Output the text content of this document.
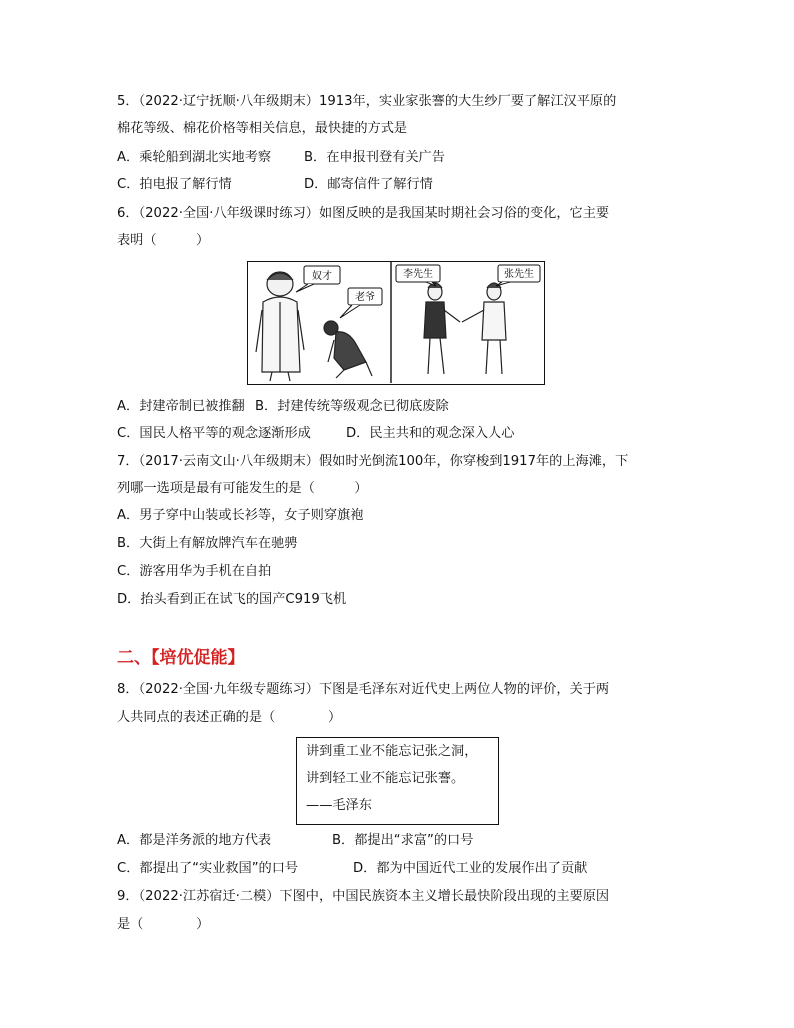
5．（2022·辽宁抚顺·八年级期末）1913年，实业家张謇的大生纱厂要了解江汉平原的
棉花等级、棉花价格等相关信息，最快捷的方式是
A．乘轮船到湖北实地考察 B．在申报刊登有关广告
C．拍电报了解行情	D．邮寄信件了解行情
6．（2022·全国·八年级课时练习）如图反映的是我国某时期社会习俗的变化，它主要
表明（　　　）
奴才
老爷
李先生	张先生
A．封建帝制已被推翻 B．封建传统等级观念已彻底废除
C．国民人格平等的观念逐渐形成	D．民主共和的观念深入人心
7．（2017·云南文山·八年级期末）假如时光倒流100年，你穿梭到1917年的上海滩，下
列哪一选项是最有可能发生的是（　　　）
A．男子穿中山装或长衫等，女子则穿旗袍
B．大街上有解放牌汽车在驰骋
C．游客用华为手机在自拍
D．抬头看到正在试飞的国产C919飞机
二、【培优促能】
8．（2022·全国·九年级专题练习）下图是毛泽东对近代史上两位人物的评价，关于两
人共同点的表述正确的是（　　　　）
讲到重工业不能忘记张之洞，
讲到轻工业不能忘记张謇。
——毛泽东
A．都是洋务派的地方代表	B．都提出“求富”的口号
C．都提出了“实业救国”的口号	D．都为中国近代工业的发展作出了贡献
9．（2022·江苏宿迁·二模）下图中，中国民族资本主义增长最快阶段出现的主要原因
是（　　　　）
